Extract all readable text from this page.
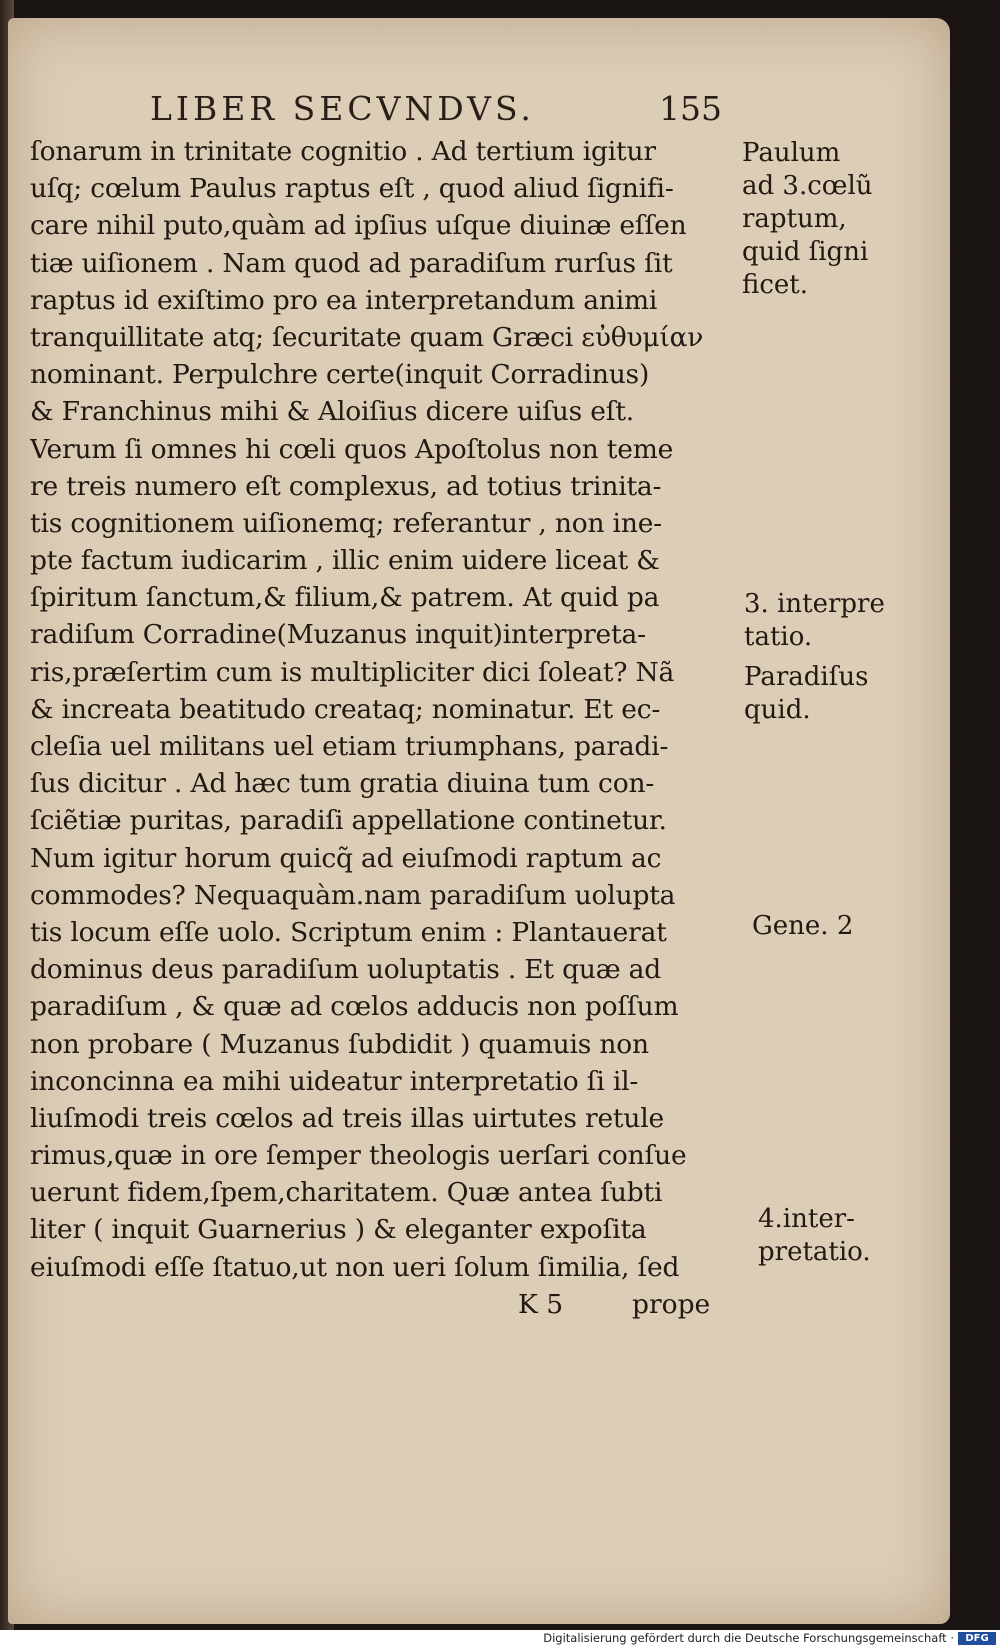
LIBER SECVNDVS.	155
ſonarum in trinitate cognitio . Ad tertium igitur
uſq; cœlum Paulus raptus eſt , quod aliud ſignifi-
care nihil puto,quàm ad ipſius uſque diuinæ eſſen
tiæ uiſionem . Nam quod ad paradiſum rurſus ſit
raptus id exiſtimo pro ea interpretandum animi
tranquillitate atq; ſecuritate quam Græci εὐθυμίαν
nominant. Perpulchre certe(inquit Corradinus)
& Franchinus mihi & Aloiſius dicere uiſus eſt.
Verum ſi omnes hi cœli quos Apoſtolus non teme
re treis numero eſt complexus, ad totius trinita-
tis cognitionem uiſionemq; referantur , non ine-
pte factum iudicarim , illic enim uidere liceat &
ſpiritum ſanctum,& filium,& patrem. At quid pa
radiſum Corradine(Muzanus inquit)interpreta-
ris,præſertim cum is multipliciter dici ſoleat? Nã
& increata beatitudo creataq; nominatur. Et ec-
cleſia uel militans uel etiam triumphans, paradi-
ſus dicitur . Ad hæc tum gratia diuina tum con-
ſciẽtiæ puritas, paradiſi appellatione continetur.
Num igitur horum quicq̃ ad eiuſmodi raptum ac
commodes? Nequaquàm.nam paradiſum uolupta
tis locum eſſe uolo. Scriptum enim : Plantauerat
dominus deus paradiſum uoluptatis . Et quæ ad
paradiſum , & quæ ad cœlos adducis non poſſum
non probare ( Muzanus ſubdidit ) quamuis non
inconcinna ea mihi uideatur interpretatio ſi il-
liuſmodi treis cœlos ad treis illas uirtutes retule
rimus,quæ in ore ſemper theologis uerſari conſue
uerunt fidem,ſpem,charitatem. Quæ antea ſubti
liter ( inquit Guarnerius ) & eleganter expoſita
eiuſmodi eſſe ſtatuo,ut non ueri ſolum ſimilia, ſed
K 5	prope
Paulum
ad 3.cœlũ
raptum,
quid ſigni
ficet.
3. interpre
tatio.
Paradiſus
quid.
Gene. 2
4.inter-
pretatio.
Digitalisierung gefördert durch die Deutsche Forschungsgemeinschaft ·	DFG
